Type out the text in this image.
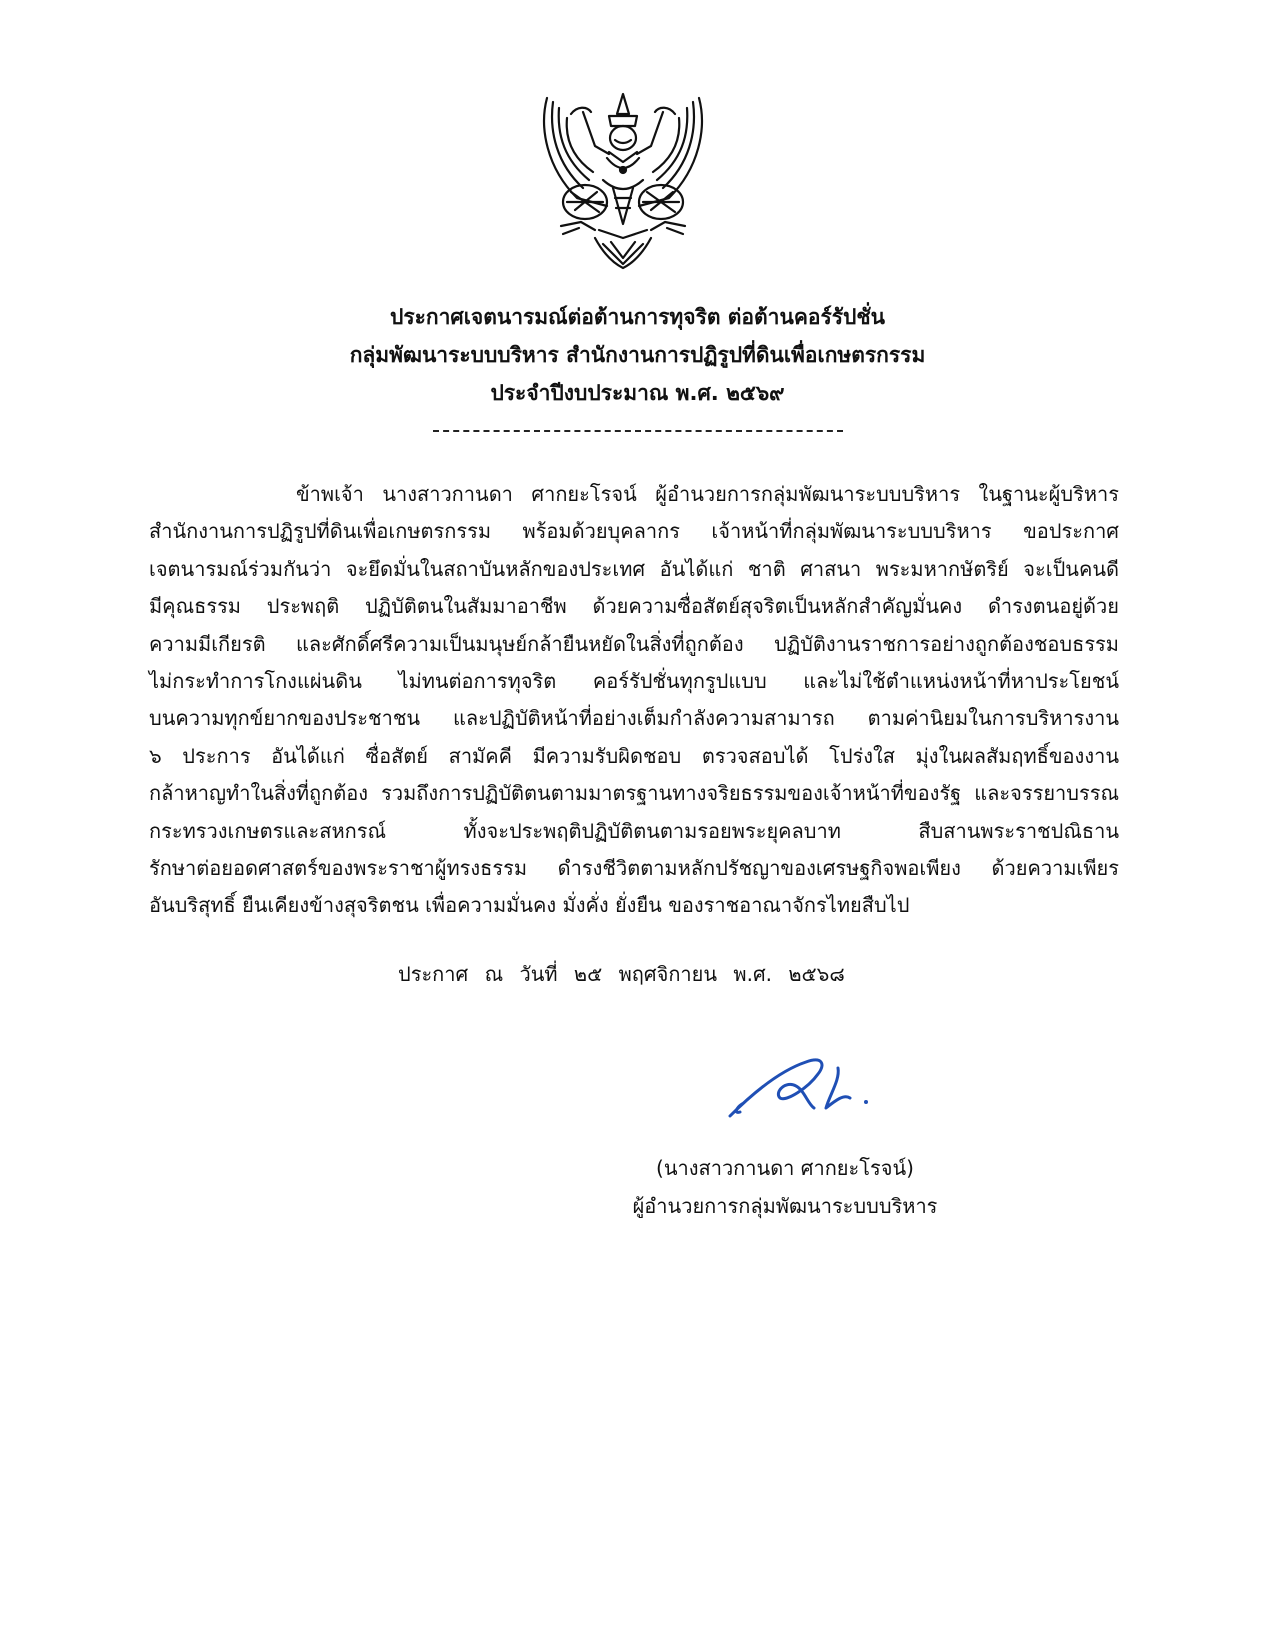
ประกาศเจตนารมณ์ต่อต้านการทุจริต ต่อต้านคอร์รัปชั่น
กลุ่มพัฒนาระบบบริหาร สำนักงานการปฏิรูปที่ดินเพื่อเกษตรกรรม
ประจำปีงบประมาณ พ.ศ. ๒๕๖๙
ข้าพเจ้า นางสาวกานดา ศากยะโรจน์ ผู้อำนวยการกลุ่มพัฒนาระบบบริหาร ในฐานะผู้บริหาร
สำนักงานการปฏิรูปที่ดินเพื่อเกษตรกรรม พร้อมด้วยบุคลากร เจ้าหน้าที่กลุ่มพัฒนาระบบบริหาร ขอประกาศ
เจตนารมณ์ร่วมกันว่า จะยึดมั่นในสถาบันหลักของประเทศ อันได้แก่ ชาติ ศาสนา พระมหากษัตริย์ จะเป็นคนดี
มีคุณธรรม ประพฤติ ปฏิบัติตนในสัมมาอาชีพ ด้วยความซื่อสัตย์สุจริตเป็นหลักสำคัญมั่นคง ดำรงตนอยู่ด้วย
ความมีเกียรติ และศักดิ์ศรีความเป็นมนุษย์กล้ายืนหยัดในสิ่งที่ถูกต้อง ปฏิบัติงานราชการอย่างถูกต้องชอบธรรม
ไม่กระทำการโกงแผ่นดิน ไม่ทนต่อการทุจริต คอร์รัปชั่นทุกรูปแบบ และไม่ใช้ตำแหน่งหน้าที่หาประโยชน์
บนความทุกข์ยากของประชาชน และปฏิบัติหน้าที่อย่างเต็มกำลังความสามารถ ตามค่านิยมในการบริหารงาน
๖ ประการ อันได้แก่ ซื่อสัตย์ สามัคคี มีความรับผิดชอบ ตรวจสอบได้ โปร่งใส มุ่งในผลสัมฤทธิ์ของงาน
กล้าหาญทำในสิ่งที่ถูกต้อง รวมถึงการปฏิบัติตนตามมาตรฐานทางจริยธรรมของเจ้าหน้าที่ของรัฐ และจรรยาบรรณ
กระทรวงเกษตรและสหกรณ์ ทั้งจะประพฤติปฏิบัติตนตามรอยพระยุคลบาท สืบสานพระราชปณิธาน
รักษาต่อยอดศาสตร์ของพระราชาผู้ทรงธรรม ดำรงชีวิตตามหลักปรัชญาของเศรษฐกิจพอเพียง ด้วยความเพียร
อันบริสุทธิ์ ยืนเคียงข้างสุจริตชน เพื่อความมั่นคง มั่งคั่ง ยั่งยืน ของราชอาณาจักรไทยสืบไป
ประกาศ ณ วันที่ ๒๕ พฤศจิกายน พ.ศ. ๒๕๖๘
(นางสาวกานดา ศากยะโรจน์)
ผู้อำนวยการกลุ่มพัฒนาระบบบริหาร
